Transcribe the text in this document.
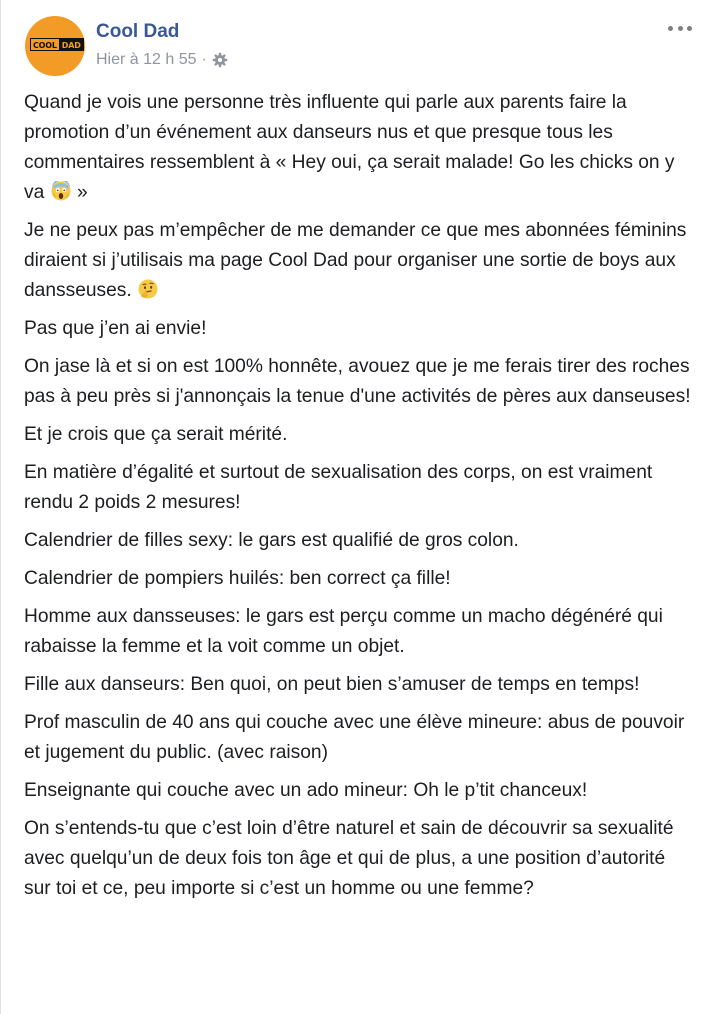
COOL DAD
Cool Dad
Hier à 12 h 55 ·

Quand je vois une personne très influente qui parle aux parents faire la promotion d’un événement aux danseurs nus et que presque tous les commentaires ressemblent à « Hey oui, ça serait malade! Go les chicks on y va  »

Je ne peux pas m’empêcher de me demander ce que mes abonnées féminins diraient si j’utilisais ma page Cool Dad pour organiser une sortie de boys aux dansseuses.

Pas que j’en ai envie!

On jase là et si on est 100% honnête, avouez que je me ferais tirer des roches pas à peu près si j'annonçais la tenue d'une activités de pères aux danseuses!

Et je crois que ça serait mérité.

En matière d’égalité et surtout de sexualisation des corps, on est vraiment rendu 2 poids 2 mesures!

Calendrier de filles sexy: le gars est qualifié de gros colon.

Calendrier de pompiers huilés: ben correct ça fille!

Homme aux dansseuses: le gars est perçu comme un macho dégénéré qui rabaisse la femme et la voit comme un objet.

Fille aux danseurs: Ben quoi, on peut bien s’amuser de temps en temps!

Prof masculin de 40 ans qui couche avec une élève mineure: abus de pouvoir et jugement du public. (avec raison)

Enseignante qui couche avec un ado mineur: Oh le p’tit chanceux!

On s’entends-tu que c’est loin d’être naturel et sain de découvrir sa sexualité avec quelqu’un de deux fois ton âge et qui de plus, a une position d’autorité sur toi et ce, peu importe si c’est un homme ou une femme?
